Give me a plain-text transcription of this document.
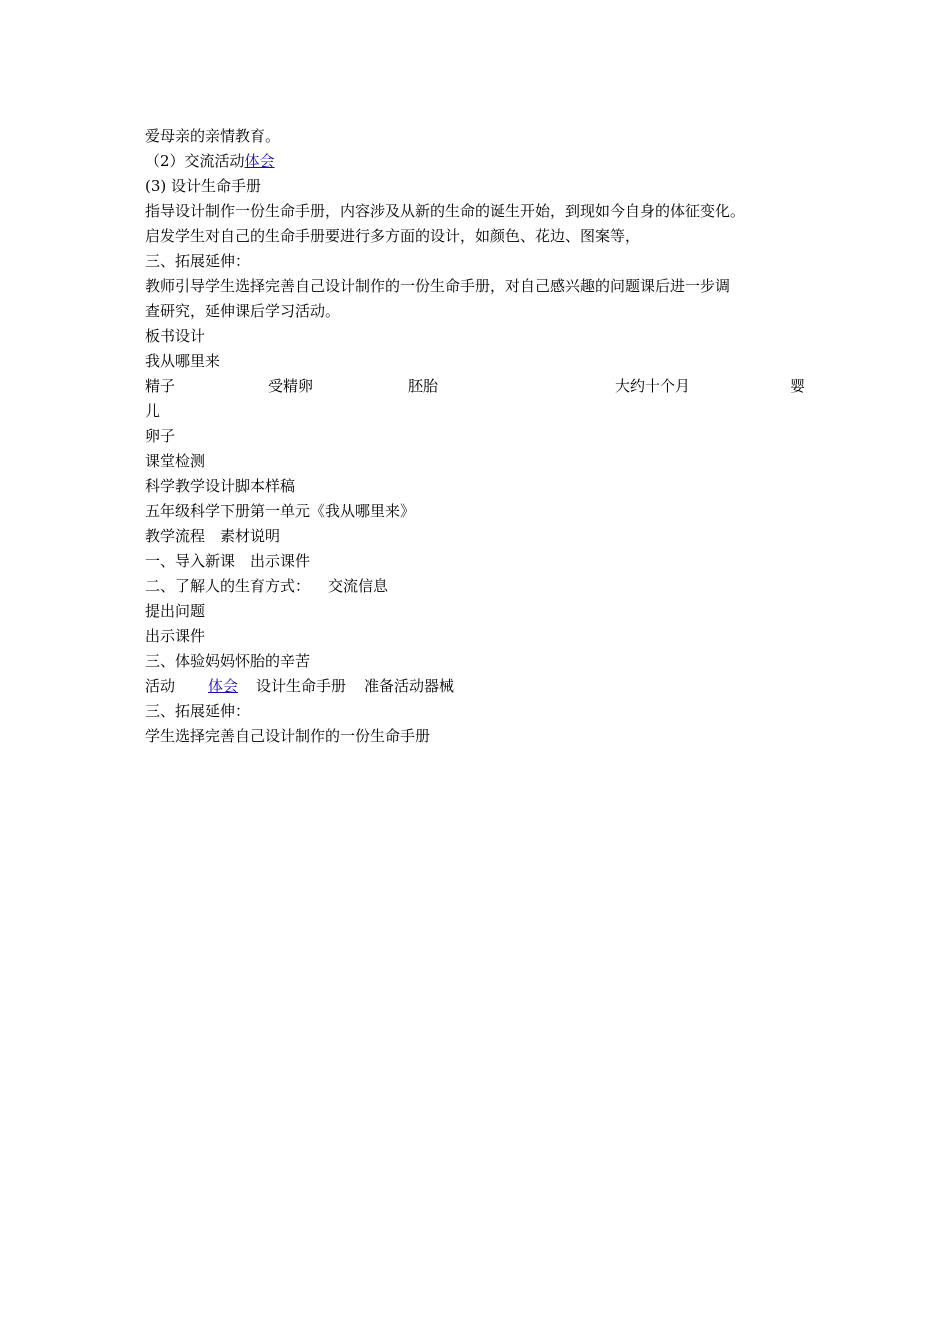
爱母亲的亲情教育。
（2）交流活动体会
(3) 设计生命手册
指导设计制作一份生命手册，内容涉及从新的生命的诞生开始，到现如今自身的体征变化。
启发学生对自己的生命手册要进行多方面的设计，如颜色、花边、图案等，
三、拓展延伸：
教师引导学生选择完善自己设计制作的一份生命手册，对自己感兴趣的问题课后进一步调
查研究，延伸课后学习活动。
板书设计
我从哪里来
精子	受精卵	胚胎	大约十个月	婴
儿
卵子
课堂检测
科学教学设计脚本样稿
五年级科学下册第一单元《我从哪里来》
教学流程 素材说明
一、导入新课 出示课件
二、了解人的生育方式： 交流信息
提出问题
出示课件
三、体验妈妈怀胎的辛苦
活动 体会 设计生命手册 准备活动器械
三、拓展延伸：
学生选择完善自己设计制作的一份生命手册
